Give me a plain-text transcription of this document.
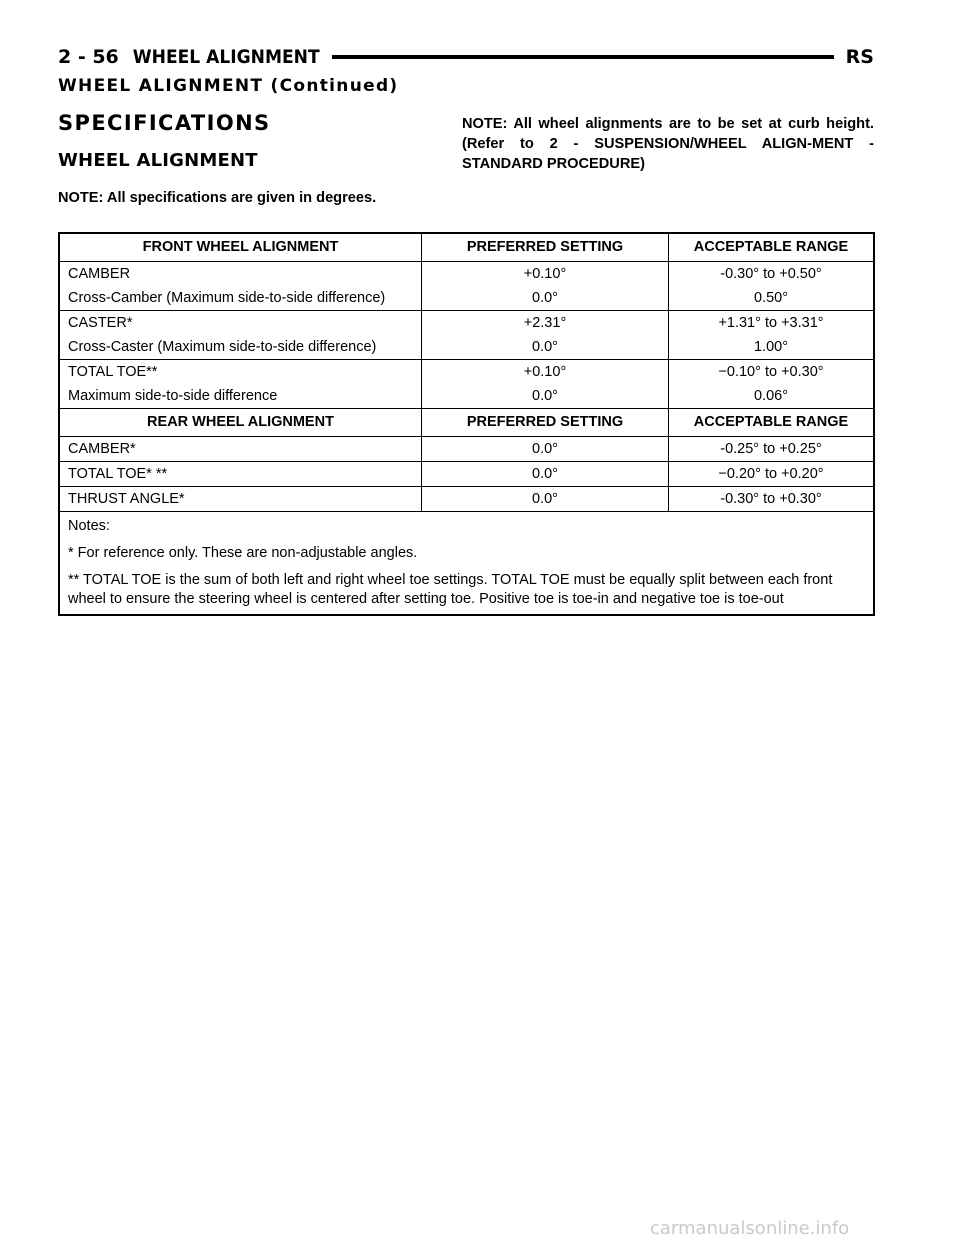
2 - 56 WHEEL ALIGNMENT	RS
WHEEL ALIGNMENT (Continued)
SPECIFICATIONS
WHEEL ALIGNMENT
NOTE: All wheel alignments are to be set at curb height. (Refer to 2 - SUSPENSION/WHEEL ALIGN-MENT - STANDARD PROCEDURE)
NOTE: All specifications are given in degrees.
FRONT WHEEL ALIGNMENT	PREFERRED SETTING	ACCEPTABLE RANGE
CAMBER	+0.10°	-0.30° to +0.50°
Cross-Camber (Maximum side-to-side difference)	0.0°	0.50°
CASTER*	+2.31°	+1.31° to +3.31°
Cross-Caster (Maximum side-to-side difference)	0.0°	1.00°
TOTAL TOE**	+0.10°	−0.10° to +0.30°
Maximum side-to-side difference	0.0°	0.06°
REAR WHEEL ALIGNMENT	PREFERRED SETTING	ACCEPTABLE RANGE
CAMBER*	0.0°	-0.25° to +0.25°
TOTAL TOE* **	0.0°	−0.20° to +0.20°
THRUST ANGLE*	0.0°	-0.30° to +0.30°

Notes:

* For reference only. These are non-adjustable angles.

** TOTAL TOE is the sum of both left and right wheel toe settings. TOTAL TOE must be equally split between each front wheel to ensure the steering wheel is centered after setting toe. Positive toe is toe-in and negative toe is toe-out		

carmanualsonline.info
